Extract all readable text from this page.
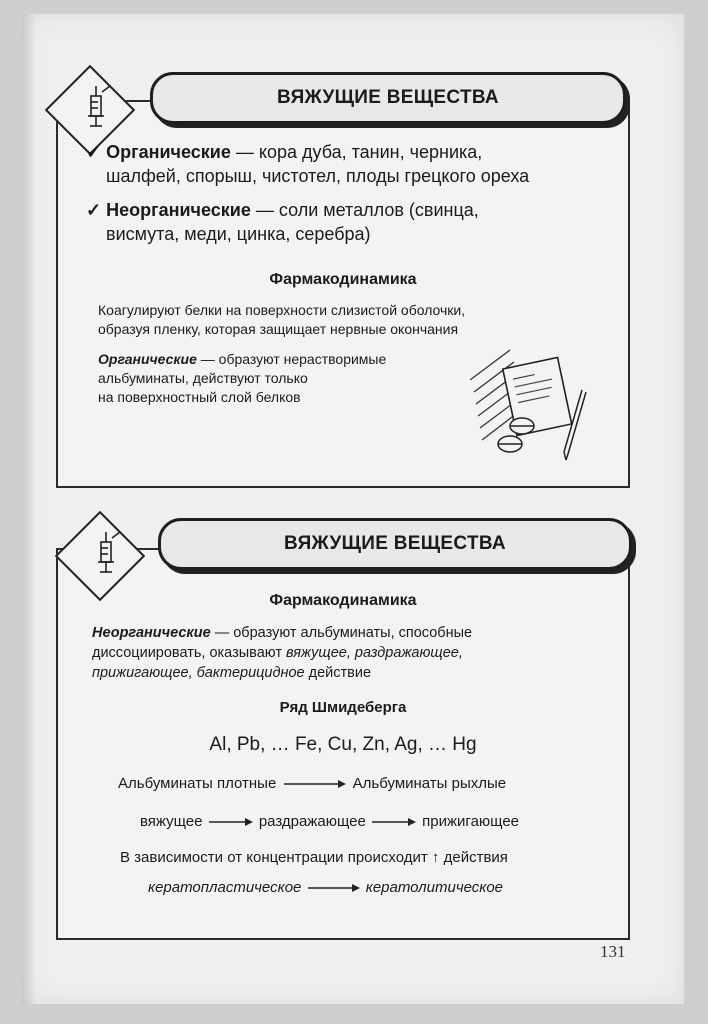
ВЯЖУЩИЕ ВЕЩЕСТВА
✓ Органические — кора дуба, танин, черника,
шалфей, спорыш, чистотел, плоды грецкого ореха
✓ Неорганические — соли металлов (свинца,
висмута, меди, цинка, серебра)
Фармакодинамика
Коагулируют белки на поверхности слизистой оболочки,
образуя пленку, которая защищает нервные окончания
Органические — образуют нерастворимые
альбуминаты, действуют только
на поверхностный слой белков
ВЯЖУЩИЕ ВЕЩЕСТВА
Фармакодинамика
Неорганические — образуют альбуминаты, способные
диссоциировать, оказывают вяжущее, раздражающее,
прижигающее, бактерицидное действие
Ряд Шмидеберга
Al, Pb, … Fe, Cu, Zn, Ag, … Hg
Альбуминаты плотные	Альбуминаты рыхлые
вяжущее	раздражающее	прижигающее
В зависимости от концентрации происходит ↑ действия
кератопластическое	кератолитическое
131
